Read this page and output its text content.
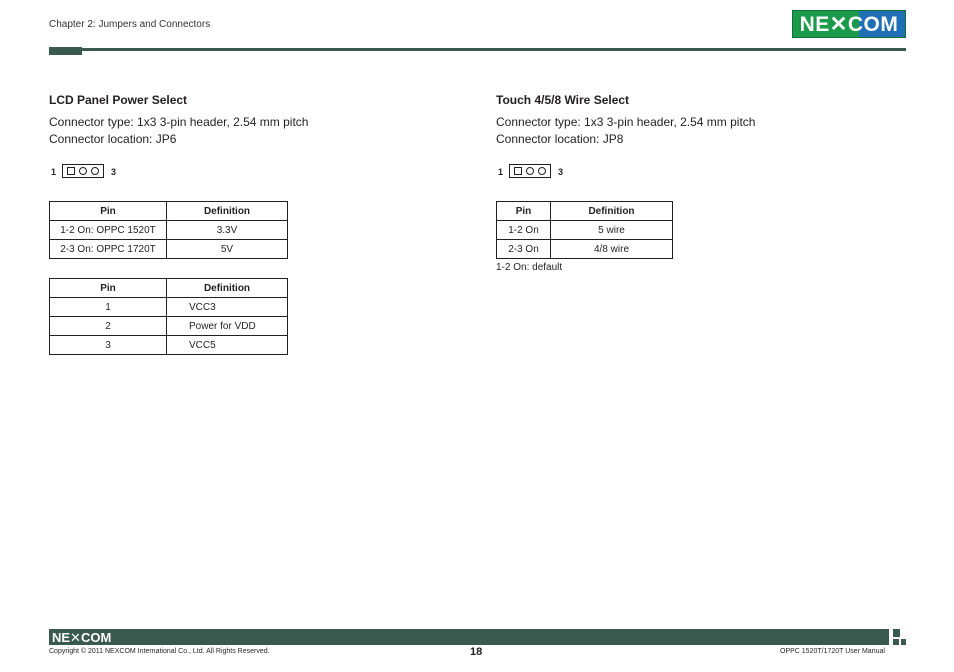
Chapter 2: Jumpers and Connectors	NE✕COM
LCD Panel Power Select
Connector type: 1x3 3-pin header, 2.54 mm pitch
Connector location: JP6
1	3
Pin	Definition
1-2 On: OPPC 1520T	3.3V
2-3 On: OPPC 1720T	5V
Pin	Definition
1	VCC3
2	Power for VDD
3	VCC5
Touch 4/5/8 Wire Select
Connector type: 1x3 3-pin header, 2.54 mm pitch
Connector location: JP8
1	3
Pin	Definition
1-2 On	5 wire
2-3 On	4/8 wire
1-2 On: default
NE✕COM
Copyright © 2011 NEXCOM International Co., Ltd. All Rights Reserved.	18	OPPC 1520T/1720T User Manual
